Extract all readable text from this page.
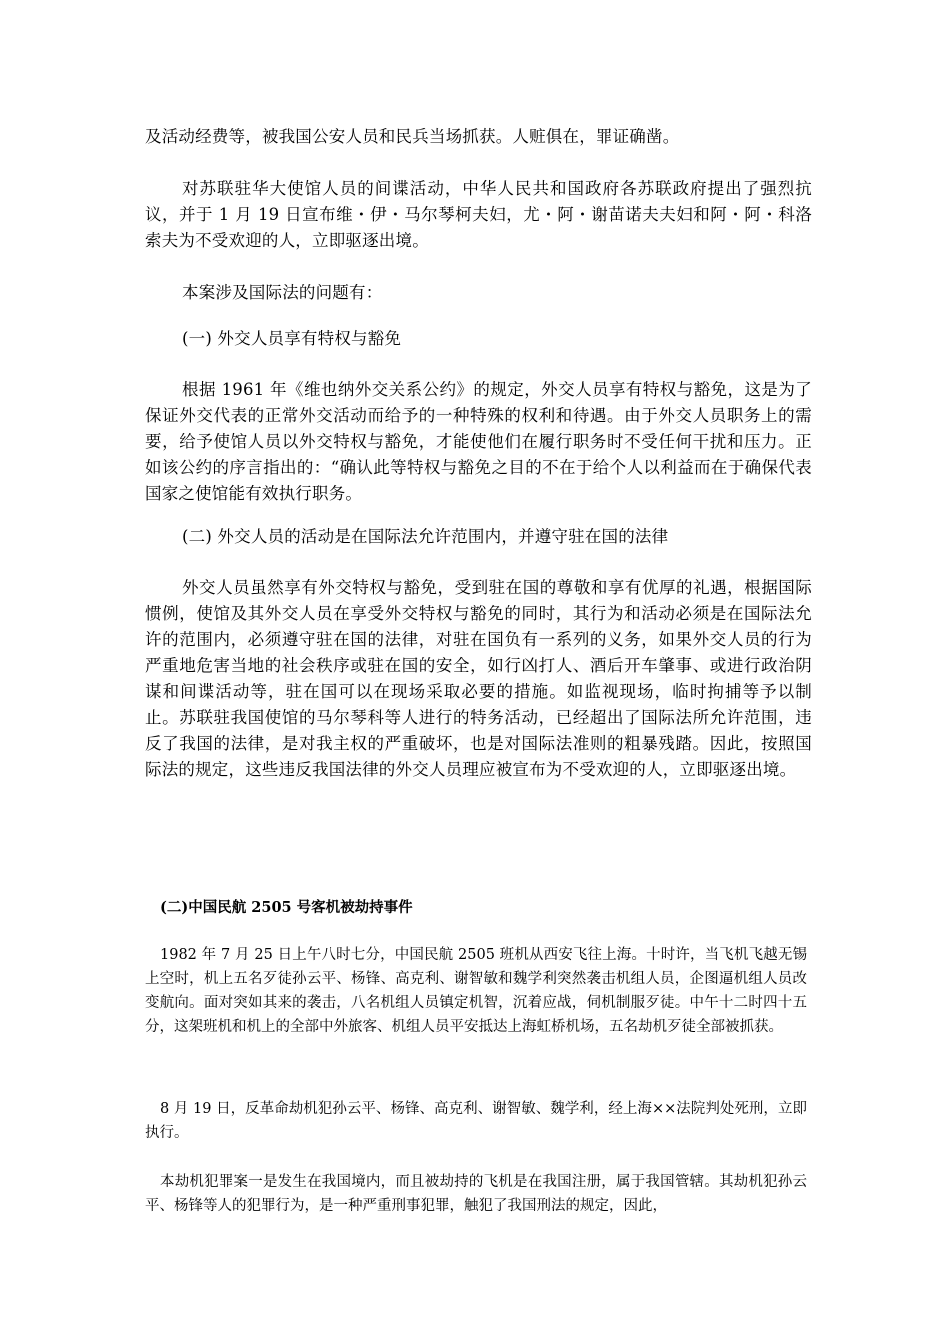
及活动经费等，被我国公安人员和民兵当场抓获。人赃俱在，罪证确凿。

对苏联驻华大使馆人员的间谍活动，中华人民共和国政府各苏联政府提出了强烈抗议，并于 1 月 19 日宣布维・伊・马尔琴柯夫妇，尤・阿・谢苗诺夫夫妇和阿・阿・科洛索夫为不受欢迎的人，立即驱逐出境。

本案涉及国际法的问题有：

(一) 外交人员享有特权与豁免

根据 1961 年《维也纳外交关系公约》的规定，外交人员享有特权与豁免，这是为了保证外交代表的正常外交活动而给予的一种特殊的权利和待遇。由于外交人员职务上的需要，给予使馆人员以外交特权与豁免，才能使他们在履行职务时不受任何干扰和压力。正如该公约的序言指出的：“确认此等特权与豁免之目的不在于给个人以利益而在于确保代表国家之使馆能有效执行职务。

(二) 外交人员的活动是在国际法允许范围内，并遵守驻在国的法律

外交人员虽然享有外交特权与豁免，受到驻在国的尊敬和享有优厚的礼遇，根据国际惯例，使馆及其外交人员在享受外交特权与豁免的同时，其行为和活动必须是在国际法允许的范围内，必须遵守驻在国的法律，对驻在国负有一系列的义务，如果外交人员的行为严重地危害当地的社会秩序或驻在国的安全，如行凶打人、酒后开车肇事、或进行政治阴谋和间谍活动等，驻在国可以在现场采取必要的措施。如监视现场，临时拘捕等予以制止。苏联驻我国使馆的马尔琴科等人进行的特务活动，已经超出了国际法所允许范围，违反了我国的法律，是对我主权的严重破坏，也是对国际法准则的粗暴残踏。因此，按照国际法的规定，这些违反我国法律的外交人员理应被宣布为不受欢迎的人，立即驱逐出境。

(二)中国民航 2505 号客机被劫持事件

1982 年 7 月 25 日上午八时七分，中国民航 2505 班机从西安飞往上海。十时许，当飞机飞越无锡上空时，机上五名歹徒孙云平、杨锋、高克利、谢智敏和魏学利突然袭击机组人员，企图逼机组人员改变航向。面对突如其来的袭击，八名机组人员镇定机智，沉着应战，伺机制服歹徒。中午十二时四十五分，这架班机和机上的全部中外旅客、机组人员平安抵达上海虹桥机场，五名劫机歹徒全部被抓获。

8 月 19 日，反革命劫机犯孙云平、杨锋、高克利、谢智敏、魏学利，经上海××法院判处死刑，立即执行。

本劫机犯罪案一是发生在我国境内，而且被劫持的飞机是在我国注册，属于我国管辖。其劫机犯孙云平、杨锋等人的犯罪行为，是一种严重刑事犯罪，触犯了我国刑法的规定，因此，
